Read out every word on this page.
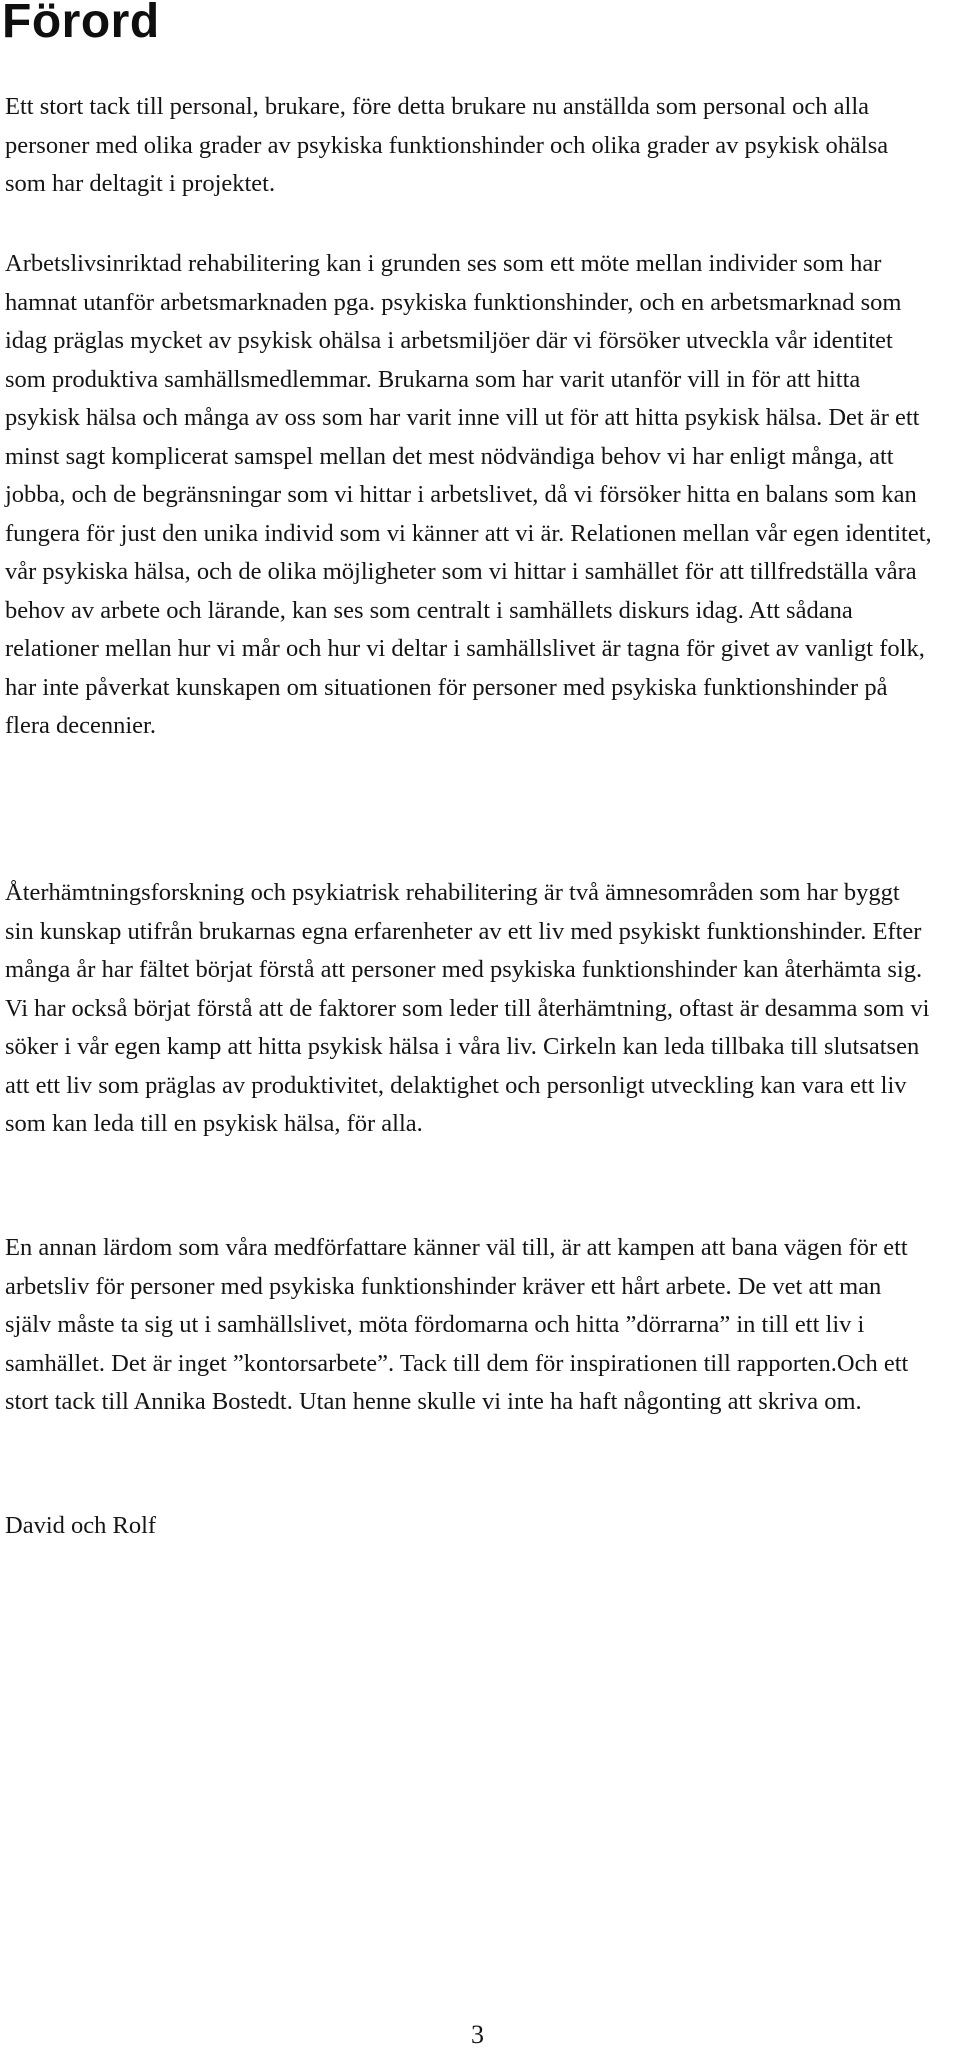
Förord

Ett stort tack till personal, brukare, före detta brukare nu anställda som personal och alla personer med olika grader av psykiska funktionshinder och olika grader av psykisk ohälsa som har deltagit i projektet.

Arbetslivsinriktad rehabilitering kan i grunden ses som ett möte mellan individer som har hamnat utanför arbetsmarknaden pga. psykiska funktionshinder, och en arbetsmarknad som idag präglas mycket av psykisk ohälsa i arbetsmiljöer där vi försöker utveckla vår identitet som produktiva samhällsmedlemmar. Brukarna som har varit utanför vill in för att hitta psykisk hälsa och många av oss som har varit inne vill ut för att hitta psykisk hälsa. Det är ett minst sagt komplicerat samspel mellan det mest nödvändiga behov vi har enligt många, att jobba, och de begränsningar som vi hittar i arbetslivet, då vi försöker hitta en balans som kan fungera för just den unika individ som vi känner att vi är. Relationen mellan vår egen identitet, vår psykiska hälsa, och de olika möjligheter som vi hittar i samhället för att tillfredställa våra behov av arbete och lärande, kan ses som centralt i samhällets diskurs idag. Att sådana relationer mellan hur vi mår och hur vi deltar i samhällslivet är tagna för givet av vanligt folk, har inte påverkat kunskapen om situationen för personer med psykiska funktionshinder på flera decennier.

Återhämtningsforskning och psykiatrisk rehabilitering är två ämnesområden som har byggt sin kunskap utifrån brukarnas egna erfarenheter av ett liv med psykiskt funktionshinder. Efter många år har fältet börjat förstå att personer med psykiska funktionshinder kan återhämta sig. Vi har också börjat förstå att de faktorer som leder till återhämtning, oftast är desamma som vi söker i vår egen kamp att hitta psykisk hälsa i våra liv. Cirkeln kan leda tillbaka till slutsatsen att ett liv som präglas av produktivitet, delaktighet och personligt utveckling kan vara ett liv som kan leda till en psykisk hälsa, för alla.

En annan lärdom som våra medförfattare känner väl till, är att kampen att bana vägen för ett arbetsliv för personer med psykiska funktionshinder kräver ett hårt arbete. De vet att man själv måste ta sig ut i samhällslivet, möta fördomarna och hitta ”dörrarna” in till ett liv i samhället. Det är inget ”kontorsarbete”. Tack till dem för inspirationen till rapporten.Och ett stort tack till Annika Bostedt. Utan henne skulle vi inte ha haft någonting att skriva om.

David och Rolf

3
